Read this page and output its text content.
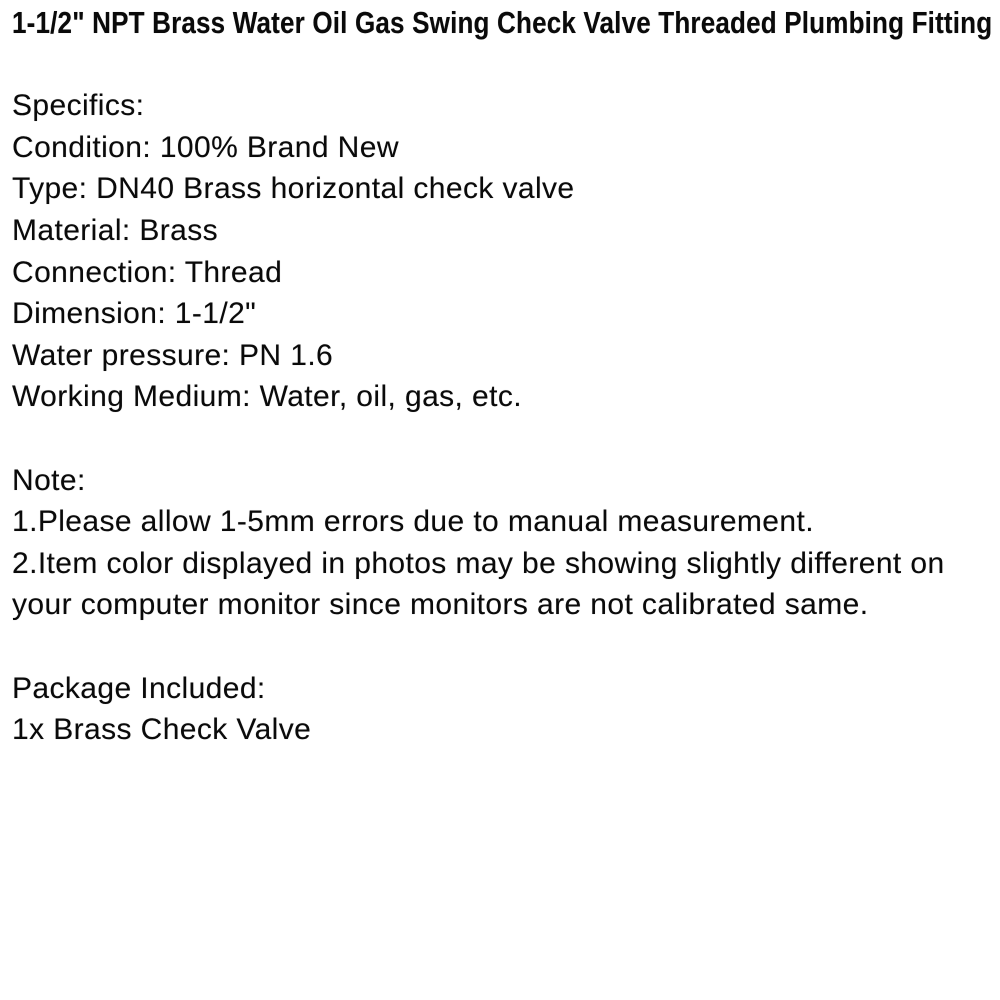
1-1/2" NPT Brass Water Oil Gas Swing Check Valve Threaded Plumbing Fitting
Specifics:
Condition: 100% Brand New
Type: DN40 Brass horizontal check valve
Material: Brass
Connection: Thread
Dimension: 1-1/2"
Water pressure: PN 1.6
Working Medium: Water, oil, gas, etc.
Note:
1.Please allow 1-5mm errors due to manual measurement.
2.Item color displayed in photos may be showing slightly different on
your computer monitor since monitors are not calibrated same.
Package Included:
1x Brass Check Valve
